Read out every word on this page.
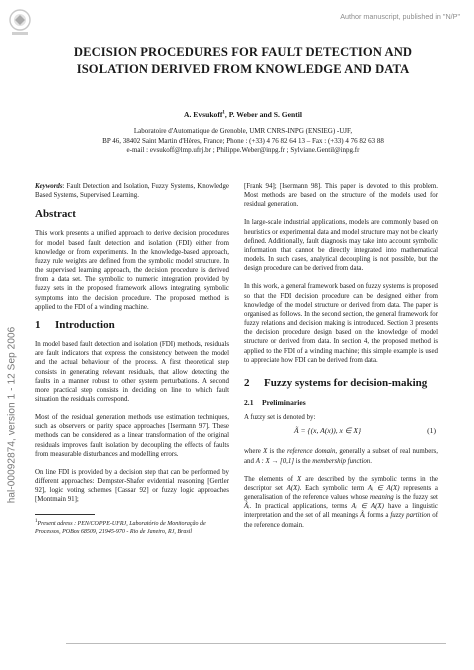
Author manuscript, published in "N/P"
hal-00092874, version 1 - 12 Sep 2006
DECISION PROCEDURES FOR FAULT DETECTION AND
ISOLATION DERIVED FROM KNOWLEDGE AND DATA
A. Evsukoff$^1$, P. Weber and S. Gentil
Laboratoire d'Automatique de Grenoble, UMR CNRS-INPG (ENSIEG) -UJF,
BP 46, 38402 Saint Martin d'Hères, France; Phone : (+33) 4 76 82 64 13 – Fax : (+33) 4 76 82 63 88
e-mail : evsukoff@lmp.ufrj.br ; Philippe.Weber@inpg.fr ; Sylviane.Gentil@inpg.fr

Keywords: Fault Detection and Isolation, Fuzzy Systems, Knowledge Based Systems, Supervised Learning.

Abstract

This work presents a unified approach to derive decision procedures for model based fault detection and isolation (FDI) either from knowledge or from experiments. In the knowledge-based approach, fuzzy rule weights are defined from the symbolic model structure. In the supervised learning approach, the decision procedure is derived from a data set. The symbolic to numeric integration provided by fuzzy sets in the proposed framework allows integrating symbolic symptoms into the decision procedure. The proposed method is applied to the FDI of a winding machine.

1 Introduction

In model based fault detection and isolation (FDI) methods, residuals are fault indicators that express the consistency between the model and the actual behaviour of the process. A first theoretical step consists in generating relevant residuals, that allow detecting the faults in a manner robust to other system perturbations. A second more practical step consists in deciding on line to which fault situation the residuals correspond.

Most of the residual generation methods use estimation techniques, such as observers or parity space approaches [Isermann 97]. These methods can be considered as a linear transformation of the original residuals improves fault isolation by decoupling the effects of faults from measurable disturbances and modelling errors.

On line FDI is provided by a decision step that can be performed by different approaches: Dempster-Shafer evidential reasoning [Gertler 92], logic voting schemes [Cassar 92] or fuzzy logic approaches [Montmain 91];

$^1$Present adress : PEN/COPPE-UFRJ, Laboratório de Monitoração de Processos, POBox 68509, 21945-970 - Rio de Janeiro, RJ, Brasil

[Frank 94]; [Isermann 98]. This paper is devoted to this problem. Most methods are based on the structure of the models used for residual generation.

In large-scale industrial applications, models are commonly based on heuristics or experimental data and model structure may not be clearly defined. Additionally, fault diagnosis may take into account symbolic information that cannot be directly integrated into mathematical models. In such cases, analytical decoupling is not possible, but the design procedure can be derived from data.

In this work, a general framework based on fuzzy systems is proposed so that the FDI decision procedure can be designed either from knowledge of the model structure or derived from data. The paper is organised as follows. In the second section, the general framework for fuzzy relations and decision making is introduced. Section 3 presents the decision procedure design based on the knowledge of model structure or derived from data. In section 4, the proposed method is applied to the FDI of a winding machine; this simple example is used to appreciate how FDI can be derived from data.

2 Fuzzy systems for decision-making
2.1 Preliminaries

A fuzzy set is denoted by:

Ã = {(x, A(x)), x ∈ X}	(1)

where X is the reference domain, generally a subset of real numbers, and A : X → [0,1] is the membership function.

The elements of X are described by the symbolic terms in the descriptor set A(X). Each symbolic term Aᵢ ∈ A(X) represents a generalisation of the reference values whose meaning is the fuzzy set Ãᵢ. In practical applications, terms Aᵢ ∈ A(X) have a linguistic interpretation and the set of all meanings Ãᵢ forms a fuzzy partition of the reference domain.
